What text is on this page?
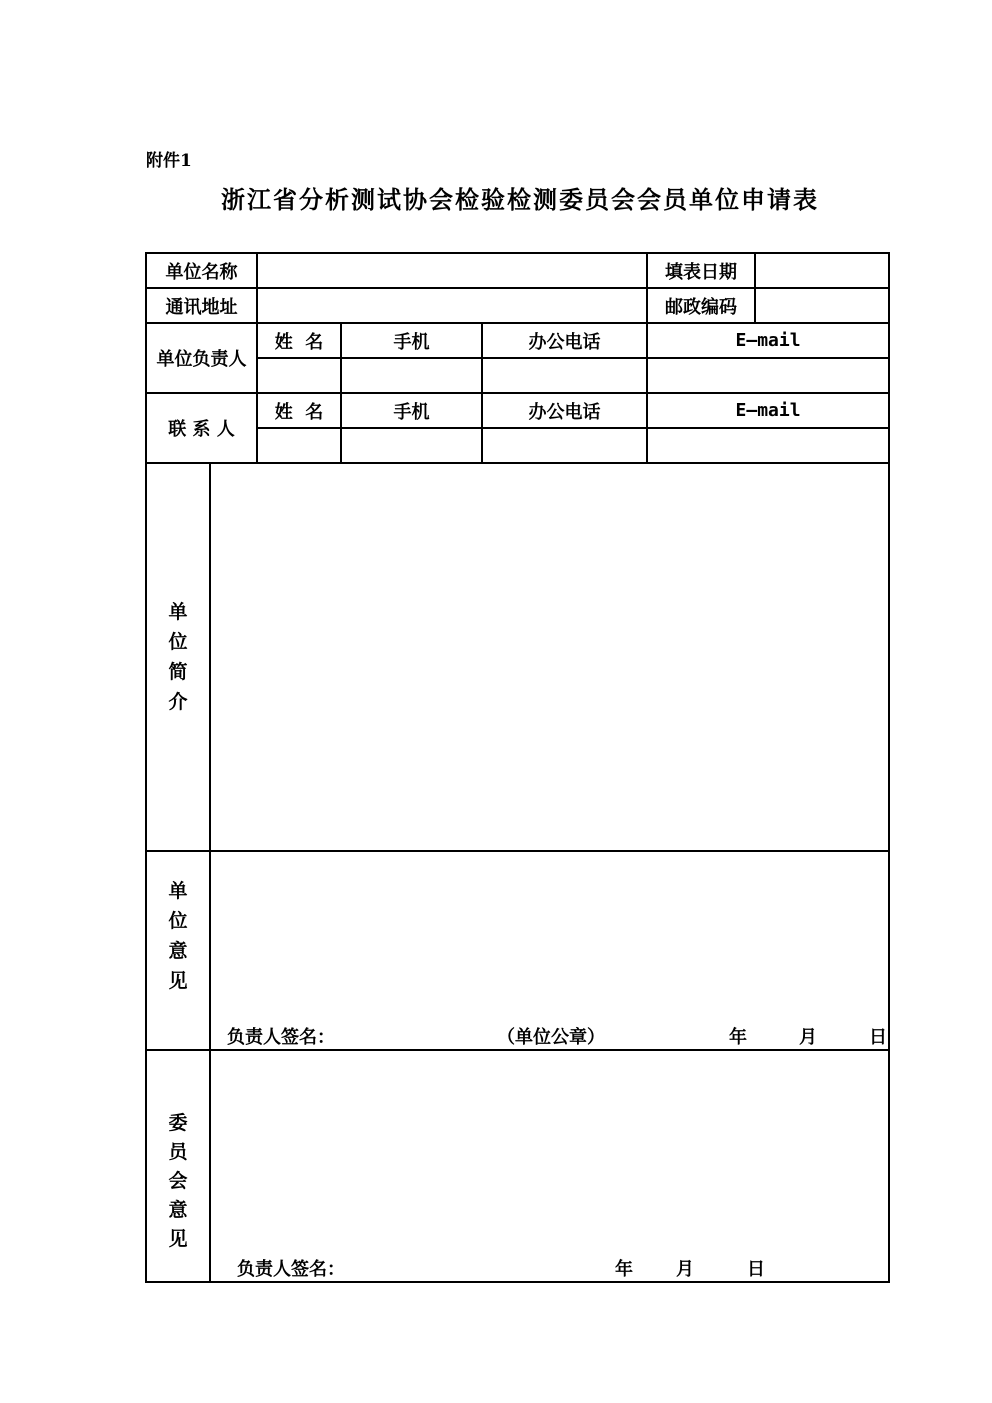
附件1
浙江省分析测试协会检验检测委员会会员单位申请表
单位名称					填表日期	
通讯地址					邮政编码	
单位负责人		姓  名	手机	办公电话	E—mail	

联 系 人		姓  名	手机	办公电话	E—mail	

单位简介						

单位意见	负责人签名： （单位公章） 年 月 日					

委员会意见	负责人签名： 年 月 日					
